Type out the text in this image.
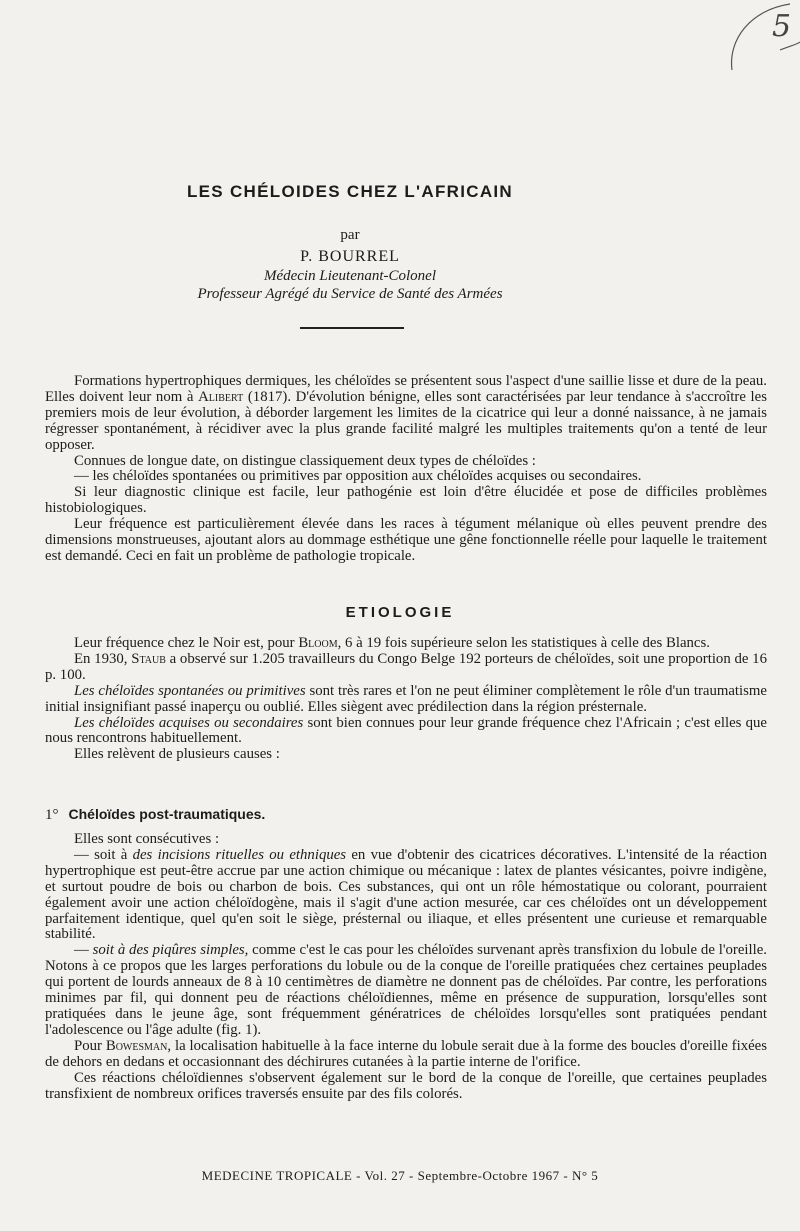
5
LES CHÉLOIDES CHEZ L'AFRICAIN
par
P. BOURREL
Médecin Lieutenant-Colonel
Professeur Agrégé du Service de Santé des Armées

Formations hypertrophiques dermiques, les chéloïdes se présentent sous l'aspect d'une saillie lisse et dure de la peau. Elles doivent leur nom à Alibert (1817). D'évolution bénigne, elles sont caractérisées par leur tendance à s'accroître les premiers mois de leur évolution, à déborder largement les limites de la cicatrice qui leur a donné naissance, à ne jamais régresser spontanément, à récidiver avec la plus grande facilité malgré les multiples traitements qu'on a tenté de leur opposer.

Connues de longue date, on distingue classiquement deux types de chéloïdes :

— les chéloïdes spontanées ou primitives par opposition aux chéloïdes acquises ou secondaires.

Si leur diagnostic clinique est facile, leur pathogénie est loin d'être élucidée et pose de difficiles problèmes histobiologiques.

Leur fréquence est particulièrement élevée dans les races à tégument mélanique où elles peuvent prendre des dimensions monstrueuses, ajoutant alors au dommage esthétique une gêne fonctionnelle réelle pour laquelle le traitement est demandé. Ceci en fait un problème de pathologie tropicale.

ETIOLOGIE

Leur fréquence chez le Noir est, pour Bloom, 6 à 19 fois supérieure selon les statistiques à celle des Blancs.

En 1930, Staub a observé sur 1.205 travailleurs du Congo Belge 192 porteurs de chéloïdes, soit une proportion de 16 p. 100.

Les chéloïdes spontanées ou primitives sont très rares et l'on ne peut éliminer complètement le rôle d'un traumatisme initial insignifiant passé inaperçu ou oublié. Elles siègent avec prédilection dans la région présternale.

Les chéloïdes acquises ou secondaires sont bien connues pour leur grande fréquence chez l'Africain ; c'est elles que nous rencontrons habituellement.

Elles relèvent de plusieurs causes :

1° Chéloïdes post-traumatiques.

Elles sont consécutives :

— soit à des incisions rituelles ou ethniques en vue d'obtenir des cicatrices décoratives. L'intensité de la réaction hypertrophique est peut-être accrue par une action chimique ou mécanique : latex de plantes vésicantes, poivre indigène, et surtout poudre de bois ou charbon de bois. Ces substances, qui ont un rôle hémostatique ou colorant, pourraient également avoir une action chéloïdogène, mais il s'agit d'une action mesurée, car ces chéloïdes ont un développement parfaitement identique, quel qu'en soit le siège, présternal ou iliaque, et elles présentent une curieuse et remarquable stabilité.

— soit à des piqûres simples, comme c'est le cas pour les chéloïdes survenant après transfixion du lobule de l'oreille. Notons à ce propos que les larges perforations du lobule ou de la conque de l'oreille pratiquées chez certaines peuplades qui portent de lourds anneaux de 8 à 10 centimètres de diamètre ne donnent pas de chéloïdes. Par contre, les perforations minimes par fil, qui donnent peu de réactions chéloïdiennes, même en présence de suppuration, lorsqu'elles sont pratiquées dans le jeune âge, sont fréquemment génératrices de chéloïdes lorsqu'elles sont pratiquées pendant l'adolescence ou l'âge adulte (fig. 1).

Pour Bowesman, la localisation habituelle à la face interne du lobule serait due à la forme des boucles d'oreille fixées de dehors en dedans et occasionnant des déchirures cutanées à la partie interne de l'orifice.

Ces réactions chéloïdiennes s'observent également sur le bord de la conque de l'oreille, que certaines peuplades transfixient de nombreux orifices traversés ensuite par des fils colorés.

MEDECINE TROPICALE - Vol. 27 - Septembre-Octobre 1967 - N° 5
